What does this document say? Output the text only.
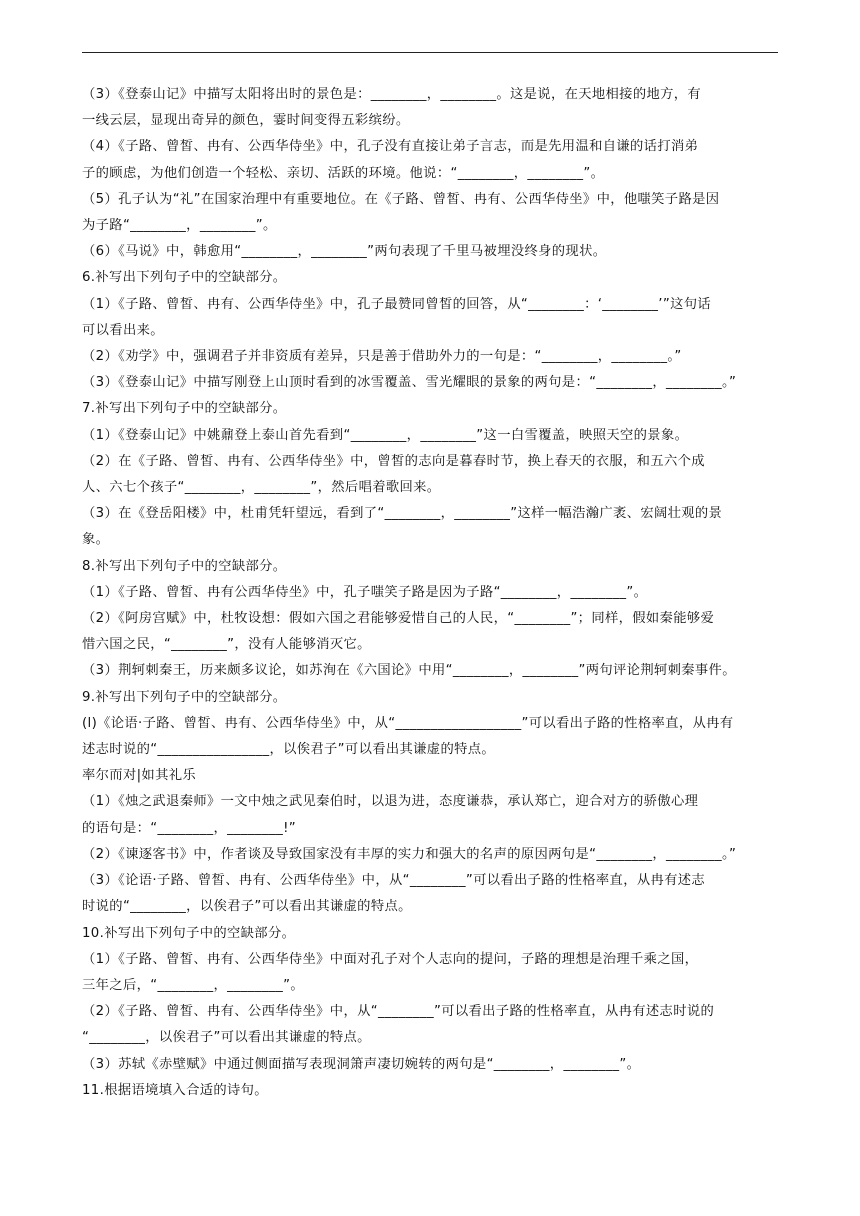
（3）《登泰山记》中描写太阳将出时的景色是：________，________。这是说，在天地相接的地方，有
一线云层，显现出奇异的颜色，霎时间变得五彩缤纷。
（4）《子路、曾皙、冉有、公西华侍坐》中，孔子没有直接让弟子言志，而是先用温和自谦的话打消弟
子的顾虑，为他们创造一个轻松、亲切、活跃的环境。他说：“________，________”。
（5）孔子认为“礼”在国家治理中有重要地位。在《子路、曾皙、冉有、公西华侍坐》中，他嗤笑子路是因
为子路“________，________”。
（6）《马说》中，韩愈用“________，________”两句表现了千里马被埋没终身的现状。
6.补写出下列句子中的空缺部分。
（1）《子路、曾皙、冉有、公西华侍坐》中，孔子最赞同曾皙的回答，从“________：‘________’”这句话
可以看出来。
（2）《劝学》中，强调君子并非资质有差异，只是善于借助外力的一句是：“________，________。”
（3）《登泰山记》中描写刚登上山顶时看到的冰雪覆盖、雪光耀眼的景象的两句是：“________，________。”
7.补写出下列句子中的空缺部分。
（1）《登泰山记》中姚鼐登上泰山首先看到“________，________”这一白雪覆盖，映照天空的景象。
（2）在《子路、曾皙、冉有、公西华侍坐》中，曾皙的志向是暮春时节，换上春天的衣服，和五六个成
人、六七个孩子“________，________”，然后唱着歌回来。
（3）在《登岳阳楼》中，杜甫凭轩望远，看到了“________，________”这样一幅浩瀚广袤、宏阔壮观的景
象。
8.补写出下列句子中的空缺部分。
（1）《子路、曾皙、冉有公西华侍坐》中，孔子嗤笑子路是因为子路“________，________”。
（2）《阿房宫赋》中，杜牧设想：假如六国之君能够爱惜自己的人民，“________”；同样，假如秦能够爱
惜六国之民，“________”，没有人能够消灭它。
（3）荆轲刺秦王，历来颇多议论，如苏洵在《六国论》中用“________，________”两句评论荆轲刺秦事件。
9.补写出下列句子中的空缺部分。
(l)《论语·子路、曾皙、冉有、公西华侍坐》中，从“__________________”可以看出子路的性格率直，从冉有
述志时说的“________________，以俟君子”可以看出其谦虚的特点。
率尔而对|如其礼乐
（1）《烛之武退秦师》一文中烛之武见秦伯时，以退为进，态度谦恭，承认郑亡，迎合对方的骄傲心理
的语句是：“________，________!”
（2）《谏逐客书》中，作者谈及导致国家没有丰厚的实力和强大的名声的原因两句是“________，________。”
（3）《论语·子路、曾皙、冉有、公西华侍坐》中，从“________”可以看出子路的性格率直，从冉有述志
时说的“________，以俟君子”可以看出其谦虚的特点。
10.补写出下列句子中的空缺部分。
（1）《子路、曾皙、冉有、公西华侍坐》中面对孔子对个人志向的提问，子路的理想是治理千乘之国，
三年之后，“________，________”。
（2）《子路、曾皙、冉有、公西华侍坐》中，从“________”可以看出子路的性格率直，从冉有述志时说的
“________，以俟君子”可以看出其谦虚的特点。
（3）苏轼《赤壁赋》中通过侧面描写表现洞箫声凄切婉转的两句是“________，________”。
11.根据语境填入合适的诗句。
